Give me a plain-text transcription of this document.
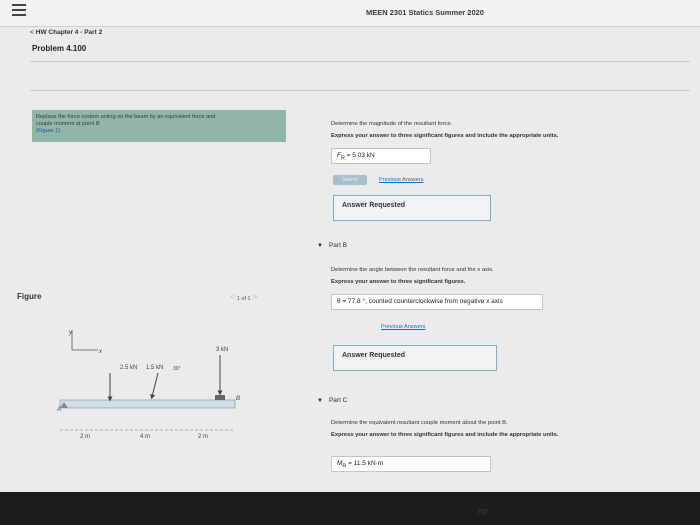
MEEN 2301 Statics Summer 2020
< HW Chapter 4 - Part 2
Problem 4.100
Replace the force system acting on the beam by an equivalent force and
couple moment at point B.
(Figure 1)
Figure	< 1 of 1 >
y
x
2.5 kN 1.5 kN 30°
3 kN
A
B
2 m	4 m	2 m
Determine the magnitude of the resultant force.
Express your answer to three significant figures and include the appropriate units.
$F_R = 5.03$ kN
Submit	Previous Answers
Answer Requested
▼ Part B
Determine the angle between the resultant force and the x axis.
Express your answer to three significant figures.
θ = 77.8 °, counted counterclockwise from negative x axis
Previous Answers
Answer Requested
▼ Part C
Determine the equivalent resultant couple moment about the point B.
Express your answer to three significant figures and include the appropriate units.
$M_R = 11.5$ kN·m
hp
